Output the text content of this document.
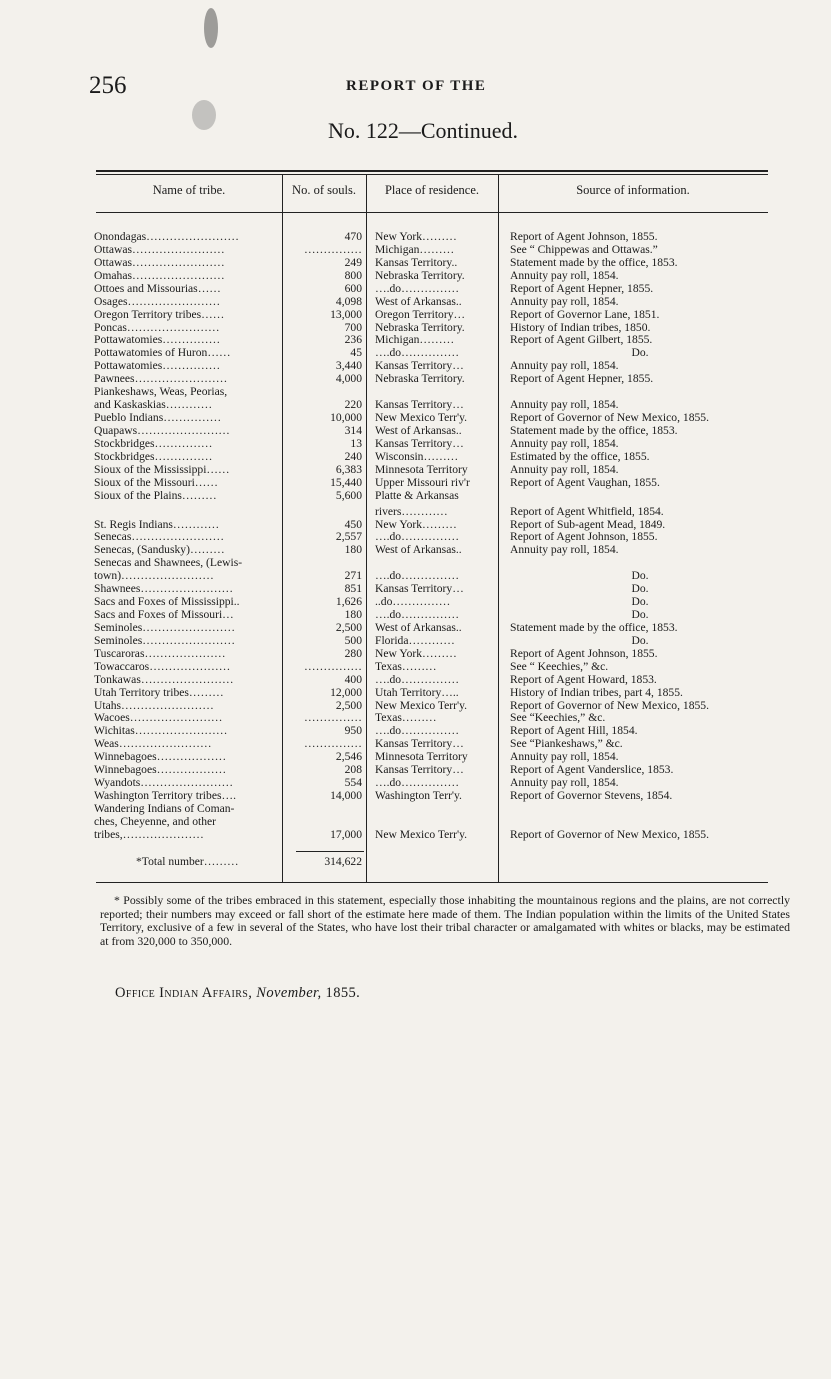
256	REPORT OF THE
No. 122—Continued.
Name of tribe.	No. of souls.	Place of residence.	Source of information.
Onondagas……………………	470 New York………	Report of Agent Johnson, 1855.
Ottawas……………………	…………… Michigan………	See “ Chippewas and Ottawas.”
Ottawas……………………	249 Kansas Territory..	Statement made by the office, 1853.
Omahas……………………	800 Nebraska Territory.	Annuity pay roll, 1854.
Ottoes and Missourias……	600 ….do……………	Report of Agent Hepner, 1855.
Osages……………………	4,098 West of Arkansas..	Annuity pay roll, 1854.
Oregon Territory tribes……	13,000 Oregon Territory…	Report of Governor Lane, 1851.
Poncas……………………	700 Nebraska Territory.	History of Indian tribes, 1850.
Pottawatomies……………	236 Michigan………	Report of Agent Gilbert, 1855.
Pottawatomies of Huron……	45 ….do……………	Do.
Pottawatomies……………	3,440 Kansas Territory…	Annuity pay roll, 1854.
Pawnees……………………	4,000 Nebraska Territory.	Report of Agent Hepner, 1855.
Piankeshaws, Weas, Peorias,
and Kaskaskias…………	220 Kansas Territory…	Annuity pay roll, 1854.
Pueblo Indians……………	10,000 New Mexico Terr'y.	Report of Governor of New Mexico, 1855.
Quapaws……………………	314 West of Arkansas..	Statement made by the office, 1853.
Stockbridges……………	13 Kansas Territory…	Annuity pay roll, 1854.
Stockbridges……………	240 Wisconsin………	Estimated by the office, 1855.
Sioux of the Mississippi……	6,383 Minnesota Territory	Annuity pay roll, 1854.
Sioux of the Missouri……	15,440 Upper Missouri riv'r	Report of Agent Vaughan, 1855.
Sioux of the Plains………	5,600 Platte & Arkansas
rivers…………	Report of Agent Whitfield, 1854.
St. Regis Indians…………	450 New York………	Report of Sub-agent Mead, 1849.
Senecas……………………	2,557 ….do……………	Report of Agent Johnson, 1855.
Senecas, (Sandusky)………	180 West of Arkansas..	Annuity pay roll, 1854.
Senecas and Shawnees, (Lewis-
town)……………………	271 ….do……………	Do.
Shawnees……………………	851 Kansas Territory…	Do.
Sacs and Foxes of Mississippi..	1,626 ..do……………	Do.
Sacs and Foxes of Missouri…	180 ….do……………	Do.
Seminoles……………………	2,500 West of Arkansas..	Statement made by the office, 1853.
Seminoles……………………	500 Florida…………	Do.
Tuscaroras…………………	280 New York………	Report of Agent Johnson, 1855.
Towaccaros…………………	…………… Texas………	See “ Keechies,” &c.
Tonkawas……………………	400 ….do……………	Report of Agent Howard, 1853.
Utah Territory tribes………	12,000 Utah Territory…..	History of Indian tribes, part 4, 1855.
Utahs……………………	2,500 New Mexico Terr'y.	Report of Governor of New Mexico, 1855.
Wacoes……………………	…………… Texas………	See “Keechies,” &c.
Wichitas……………………	950 ….do……………	Report of Agent Hill, 1854.
Weas……………………	…………… Kansas Territory…	See “Piankeshaws,” &c.
Winnebagoes………………	2,546 Minnesota Territory	Annuity pay roll, 1854.
Winnebagoes………………	208 Kansas Territory…	Report of Agent Vanderslice, 1853.
Wyandots……………………	554 ….do……………	Annuity pay roll, 1854.
Washington Territory tribes….	14,000 Washington Terr'y.	Report of Governor Stevens, 1854.
Wandering Indians of Coman-
ches, Cheyenne, and other
tribes,…………………	17,000 New Mexico Terr'y.	Report of Governor of New Mexico, 1855.
*Total number………	314,622
* Possibly some of the tribes embraced in this statement, especially those inhabiting the mountainous regions and the plains, are not correctly reported; their numbers may exceed or fall short of the estimate here made of them. The Indian population within the limits of the United States Territory, exclusive of a few in several of the States, who have lost their tribal character or amalgamated with whites or blacks, may be estimated at from 320,000 to 350,000.
Office Indian Affairs, November, 1855.
